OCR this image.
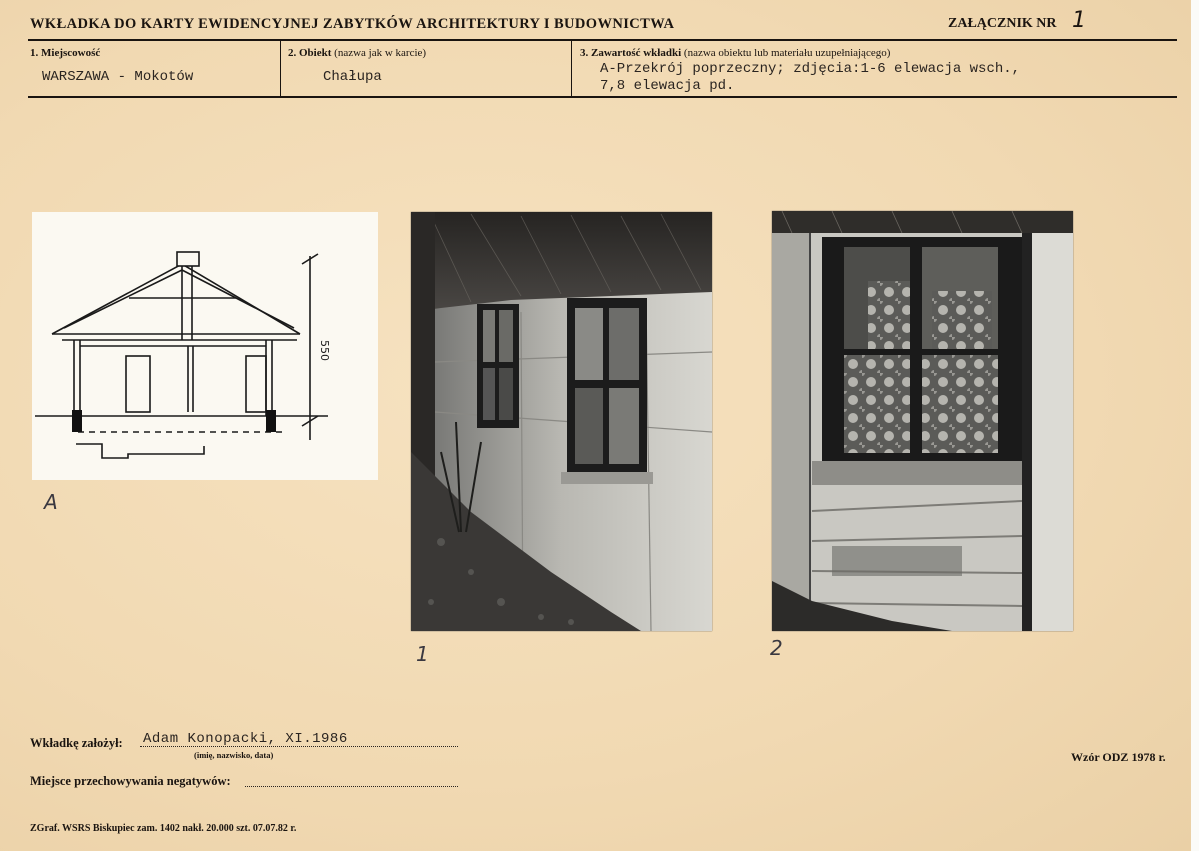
WKŁADKA DO KARTY EWIDENCYJNEJ ZABYTKÓW ARCHITEKTURY I BUDOWNICTWA	ZAŁĄCZNIK NR 1
1. Miejscowość
WARSZAWA - Mokotów
2. Obiekt (nazwa jak w karcie)
Chałupa
3. Zawartość wkładki (nazwa obiektu lub materiału uzupełniającego)
A-Przekrój poprzeczny; zdjęcia:1-6 elewacja wsch.,
7,8 elewacja pd.
550
A
1	2
Wkładkę założył: Adam Konopacki, XI.1986
(imię, nazwisko, data)
Miejsce przechowywania negatywów:
Wzór ODZ 1978 r.
ZGraf. WSRS Biskupiec zam. 1402 nakł. 20.000 szt. 07.07.82 r.
